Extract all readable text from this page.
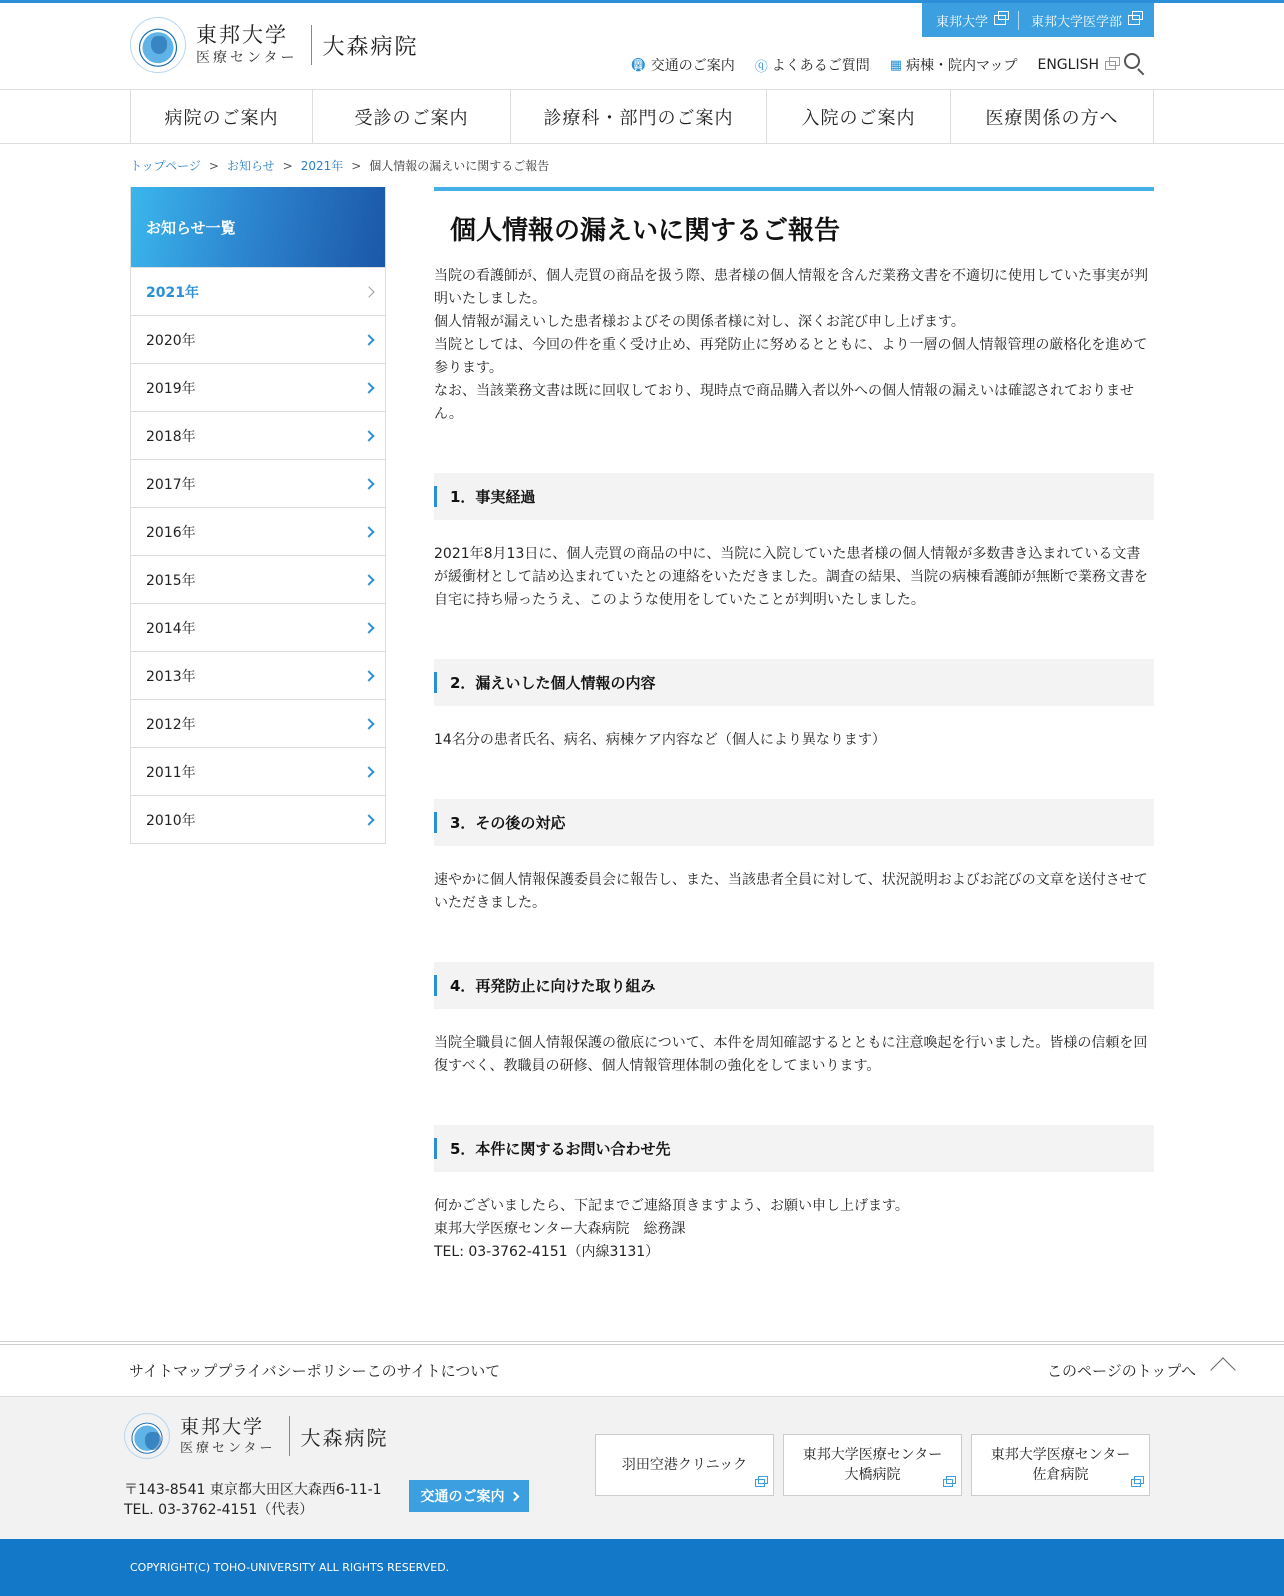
東邦大学
医療センター 大森病院
東邦大学	東邦大学医学部
🚇︎ 交通のご案内 ⓠ よくあるご質問 ▦ 病棟・院内マップ ENGLISH
病院のご案内	受診のご案内	診療科・部門のご案内	入院のご案内	医療関係の方へ
トップページ > お知らせ > 2021年 > 個人情報の漏えいに関するご報告
お知らせ一覧
2021年
2020年
2019年
2018年
2017年
2016年
2015年
2014年
2013年
2012年
2011年
2010年
個人情報の漏えいに関するご報告
当院の看護師が、個人売買の商品を扱う際、患者様の個人情報を含んだ業務文書を不適切に使用していた事実が判明いたしました。
個人情報が漏えいした患者様およびその関係者様に対し、深くお詫び申し上げます。
当院としては、今回の件を重く受け止め、再発防止に努めるとともに、より一層の個人情報管理の厳格化を進めて参ります。
なお、当該業務文書は既に回収しており、現時点で商品購入者以外への個人情報の漏えいは確認されておりません。
1．事実経過
2021年8月13日に、個人売買の商品の中に、当院に入院していた患者様の個人情報が多数書き込まれている文書が緩衝材として詰め込まれていたとの連絡をいただきました。調査の結果、当院の病棟看護師が無断で業務文書を自宅に持ち帰ったうえ、このような使用をしていたことが判明いたしました。
2．漏えいした個人情報の内容
14名分の患者氏名、病名、病棟ケア内容など（個人により異なります）
3．その後の対応
速やかに個人情報保護委員会に報告し、また、当該患者全員に対して、状況説明およびお詫びの文章を送付させていただきました。
4．再発防止に向けた取り組み
当院全職員に個人情報保護の徹底について、本件を周知確認するとともに注意喚起を行いました。皆様の信頼を回復すべく、教職員の研修、個人情報管理体制の強化をしてまいります。
5．本件に関するお問い合わせ先
何かございましたら、下記までご連絡頂きますよう、お願い申し上げます。
東邦大学医療センター大森病院　総務課
TEL: 03-3762-4151（内線3131）
サイトマップ プライバシーポリシー このサイトについて	このページのトップへ
東邦大学
医療センター 大森病院
〒143-8541 東京都大田区大森西6-11-1
TEL. 03-3762-4151（代表）
交通のご案内
羽田空港クリニック
東邦大学医療センター
大橋病院
東邦大学医療センター
佐倉病院
COPYRIGHT(C) TOHO-UNIVERSITY ALL RIGHTS RESERVED.
